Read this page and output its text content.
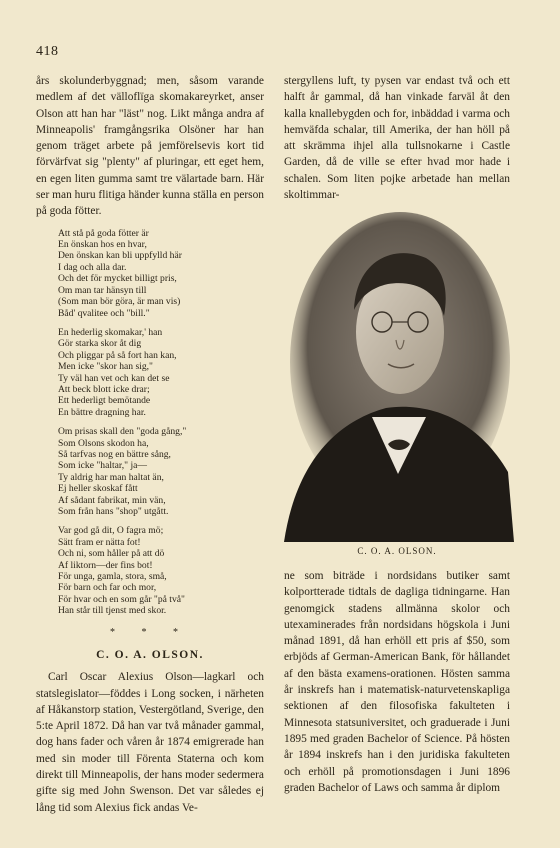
418

års skolunderbyggnad; men, såsom varande medlem af det välloflïga skomakareyrket, anser Olson att han har "läst" nog. Likt många andra af Minneapolis' framgångsrika Olsöner har han genom träget arbete på jemförelsevis kort tid förvärfvat sig "plenty" af pluringar, ett eget hem, en egen liten gumma samt tre välartade barn. Här ser man huru flitiga händer kunna ställa en person på goda fötter.

Att stå på goda fötter är
En önskan hos en hvar,
Den önskan kan bli uppfylld här
I dag och alla dar.
Och det för mycket billigt pris,
Om man tar hänsyn till
(Som man bör göra, är man vis)
Båd' qvalitee och "bill."
En hederlig skomakar,' han
Gör starka skor åt dig
Och pliggar på så fort han kan,
Men icke "skor han sig,"
Ty väl han vet och kan det se
Att beck blott icke drar;
Ett hederligt bemötande
En bättre dragning har.
Om prisas skall den "goda gång,"
Som Olsons skodon ha,
Så tarfvas nog en bättre sång,
Som icke "haltar," ja—
Ty aldrig har man haltat än,
Ej heller skoskaf fått
Af sådant fabrikat, min vän,
Som från hans "shop" utgått.
Var god gå dit, O fagra mö;
Sätt fram er nätta fot!
Och ni, som håller på att dö
Af liktorn—der fins bot!
För unga, gamla, stora, små,
För barn och far och mor,
För hvar och en som går "på två"
Han står till tjenst med skor.
* * *
C. O. A. OLSON.

Carl Oscar Alexius Olson—lagkarl och statslegislator—föddes i Long socken, i närheten af Håkanstorp station, Vestergötland, Sverige, den 5:te April 1872. Då han var två månader gammal, dog hans fader och våren år 1874 emigrerade han med sin moder till Förenta Staterna och kom direkt till Minneapolis, der hans moder sedermera gifte sig med John Swenson. Det var således ej lång tid som Alexius fick andas Ve-

stergyllens luft, ty pysen var endast två och ett halft år gammal, då han vinkade farväl åt den kalla knallebygden och for, inbäddad i varma och hemväfda schalar, till Amerika, der han höll på att skrämma ihjel alla tullsnokarne i Castle Garden, då de ville se efter hvad mor hade i schalen. Som liten pojke arbetade han mellan skoltimmar-

C. O. A. OLSON.

ne som biträde i nordsidans butiker samt kolportterade tidtals de dagliga tidningarne. Han genomgick stadens allmänna skolor och utexaminerades från nordsidans högskola i Juni månad 1891, då han erhöll ett pris af $50, som erbjöds af German-American Bank, för hållandet af den bästa examens-orationen. Hösten samma år inskrefs han i matematisk-naturvetenskapliga sektionen af den filosofiska fakulteten i Minnesota statsuniversitet, och graduerade i Juni 1895 med graden Bachelor of Science. På hösten år 1894 inskrefs han i den juridiska fakulteten och erhöll på promotionsdagen i Juni 1896 graden Bachelor of Laws och samma år diplom
